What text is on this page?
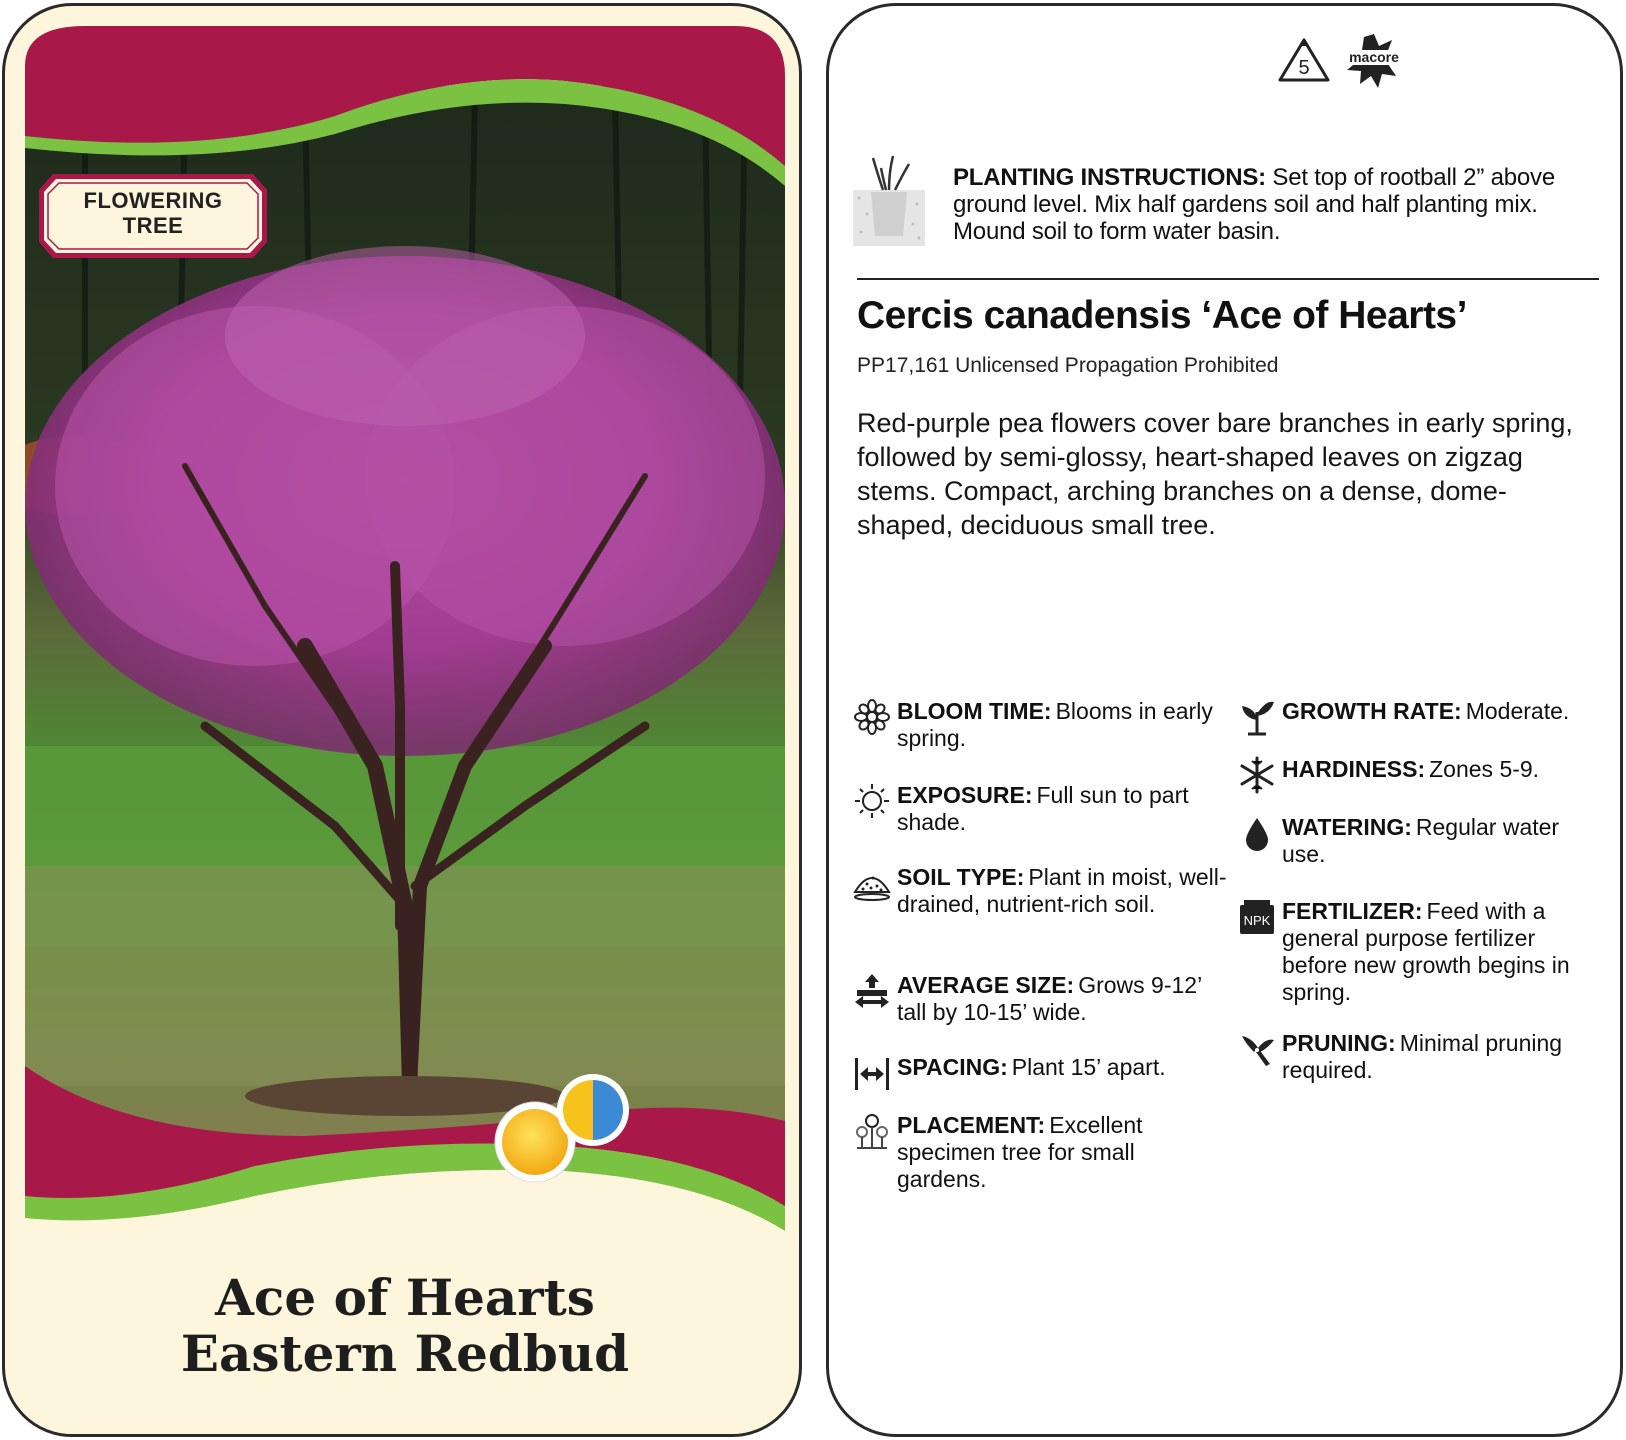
FLOWERING
TREE
Ace of Hearts
Eastern Redbud
5	macore
PLANTING INSTRUCTIONS: Set top of rootball 2” above ground level. Mix half gardens soil and half planting mix. Mound soil to form water basin.
Cercis canadensis ‘Ace of Hearts’
PP17,161 Unlicensed Propagation Prohibited
Red-purple pea flowers cover bare branches in early spring, followed by semi-glossy, heart-shaped leaves on zigzag stems. Compact, arching branches on a dense, dome-shaped, deciduous small tree.
BLOOM TIME: Blooms in early spring.
EXPOSURE: Full sun to part shade.
SOIL TYPE: Plant in moist, well-drained, nutrient-rich soil.
AVERAGE SIZE: Grows 9-12’ tall by 10-15’ wide.
SPACING: Plant 15’ apart.
PLACEMENT: Excellent specimen tree for small gardens.
GROWTH RATE: Moderate.
HARDINESS: Zones 5-9.
WATERING: Regular water use.
NPK FERTILIZER: Feed with a general purpose fertilizer before new growth begins in spring.
PRUNING: Minimal pruning required.
